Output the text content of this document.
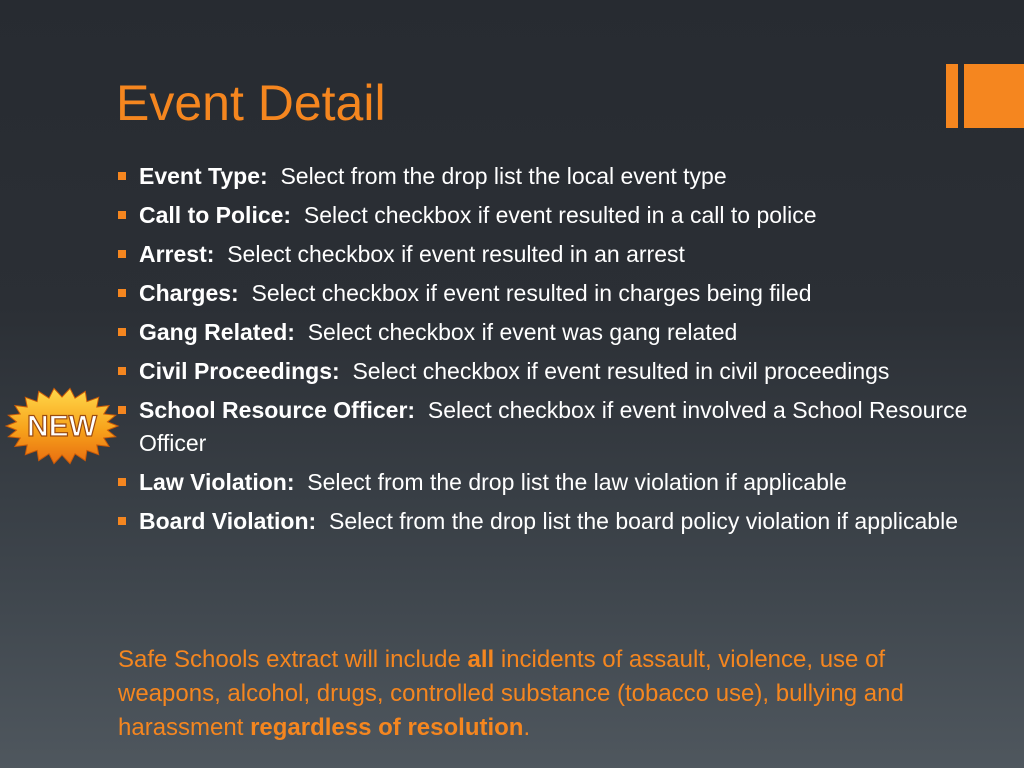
Event Detail
Event Type: Select from the drop list the local event type
Call to Police: Select checkbox if event resulted in a call to police
Arrest: Select checkbox if event resulted in an arrest
Charges: Select checkbox if event resulted in charges being filed
Gang Related: Select checkbox if event was gang related
Civil Proceedings: Select checkbox if event resulted in civil proceedings
School Resource Officer: Select checkbox if event involved a School Resource Officer
Law Violation: Select from the drop list the law violation if applicable
Board Violation: Select from the drop list the board policy violation if applicable

Safe Schools extract will include all incidents of assault, violence, use of weapons, alcohol, drugs, controlled substance (tobacco use), bullying and harassment regardless of resolution.

NEW
